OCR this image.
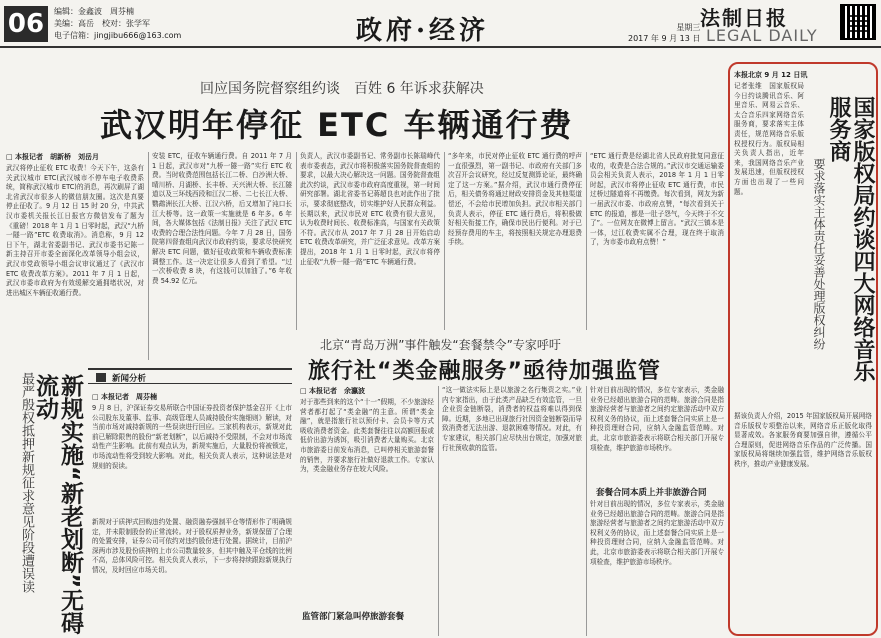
06	编辑：金鑫波　周芬楠
美编：高岳　校对：张学军
电子信箱：jingjibu666@163.com	政府·经济	星期三
2017 年 9 月 13 日
法制日报
LEGAL DAILY
回应国务院督察组约谈　百姓 6 年诉求获解决
武汉明年停征 ETC 车辆通行费
□ 本报记者　胡新桥　刘岳月
武汉将停止征收 ETC 收费！今天下午，这条有关武汉城市 ETC(武汉城市不停车电子收费系统，简称武汉城市 ETC)的消息，再次刷屏了湖北省武汉市很多人的微信朋友圈。这次是真要停止征收了。9 月 12 日 15 时 20 分，中共武汉市委机关报长江日报官方微信发布了题为《重磅！2018 年 1 月 1 日零时起，武汉“九桥一隧一路”ETC 收费取消》。消息称，9 月 12 日下午，湖北省委副书记、武汉市委书记陈一新主持召开市委全面深化改革领导小组会议，武汉市党政领导小组会议审议通过了《武汉市 ETC 收费改革方案》。2011 年 7 月 1 日起，武汉市委市政府为有效缓解交通拥堵状况，对进出城区车辆征收通行费。
安装 ETC，征收车辆通行费。自 2011 年 7 月 1 日起，武汉市对“九桥一隧一路”实行 ETC 收费。当时收费范围包括长江二桥、白沙洲大桥、晴川桥、月湖桥、长丰桥、天兴洲大桥、长江隧道以及三环线西段和江汉二桥、二七长江大桥、鹦鹉洲长江大桥、江汉六桥，后又增加了沌口长江大桥等。这一政策一实施就是 6 年多。6 年间，各大媒体包括《法制日报》关注了武汉 ETC 收费的合理合法性问题。今年 7 月 28 日，国务院第四督查组向武汉市政府约谈，要求尽快研究解决 ETC 问题，做好征收政策和车辆收费标准调整工作。这一决定让很多人看到了希望。“过一次桥收费 8 块，有这钱可以加油了。”6 年收费 54.92 亿元。
负责人，武汉市委副书记、常务副市长陈瑞峰代表市委表态，武汉市将积极落实国务院督查组的要求，以最大决心解决这一问题。国务院督查组此次约谈，武汉市委市政府高度重视，第一时间研究部署。湖北省委书记蒋超良也对此作出了批示，要求彻底整改，切实维护好人民群众利益。长期以来，武汉市民对 ETC 收费有很大意见，认为收费时间长、收费标准高，与国家有关政策不符。武汉市从 2017 年 7 月 28 日开始启动 ETC 收费改革研究，并广泛征求意见。改革方案提出，2018 年 1 月 1 日零时起，武汉市将停止征收“九桥一隧一路”ETC 车辆通行费。
“多年来，市民对停止征收 ETC 通行费的呼声一直很强烈，第一副书记、市政府有关部门多次召开会议研究，经过反复测算论证，最终确定了这一方案。”据介绍，武汉市通行费停征后，相关债务将通过财政安排资金及其他渠道偿还，不会给市民增加负担。武汉市相关部门负责人表示，停征 ETC 通行费后，将积极做好相关衔接工作，确保市民出行便利。对于已经预存费用的车主，将按照相关规定办理退费手续。
“ETC 通行费是经湖北省人民政府批复同意征收的，收费是合法合规的。”武汉市交通运输委员会相关负责人表示，2018 年 1 月 1 日零时起，武汉市将停止征收 ETC 通行费，市民过桥过隧道将不再缴费。每次看到，网友为新一届武汉市委、市政府点赞，“每次看到关于 ETC 的报道，都是一肚子怨气，今天终于不交了”。一位网友在微博上留言。“武汉三镇本是一体，过江收费实属不合理，现在终于取消了，为市委市政府点赞！”
北京“青岛万洲”事件触发“套餐禁令”专家呼吁
旅行社“类金融服务”亟待加强监管
□ 本报记者　余瀛波
对于那些到来的这个“十一”假期，不少旅游经营者都打起了“类金融”的主意。所谓“类金融”，就是指旅行社以预付卡、会员卡等方式吸收消费者资金。此类套餐往往以高额回报或低价出游为诱饵，吸引消费者大量购买。北京市旅游委日前发布消息，已叫停相关旅游套餐的销售，并要求旅行社做好退款工作。专家认为，类金融业务存在较大风险。
监管部门紧急叫停旅游套餐
“这一做法实际上是以旅游之名行集资之实。”业内专家指出，由于此类产品缺乏有效监管，一旦企业资金链断裂，消费者的权益将难以得到保障。近期，多地已出现旅行社因资金链断裂而导致消费者无法出游、退款困难等情况。对此，有专家建议，相关部门应尽快出台规定，加强对旅行社预收款的监管。
针对目前出现的情况，多位专家表示，类金融业务已经超出旅游合同的范畴。旅游合同是指旅游经营者与旅游者之间约定旅游活动中双方权利义务的协议，而上述套餐合同实质上是一种投资理财合同，应纳入金融监管范畴。对此，北京市旅游委表示将联合相关部门开展专项检查，维护旅游市场秩序。
套餐合同本质上并非旅游合同
针对目前出现的情况，多位专家表示，类金融业务已经超出旅游合同的范畴。旅游合同是指旅游经营者与旅游者之间约定旅游活动中双方权利义务的协议，而上述套餐合同实质上是一种投资理财合同，应纳入金融监管范畴。对此，北京市旅游委表示将联合相关部门开展专项检查，维护旅游市场秩序。
新闻分析
最严殷权抵押新规征求意见阶段遭误读	新规实施“新老划断”无碍流动	□ 本报记者　周芬楠
9 月 8 日，沪深证券交易所联合中国证券投资者保护基金召开《上市公司股东及董事、监事、高级管理人员减持股份实施细则》解读，对当前市场对减持新规的一些误读进行回应。三家机构表示，新规对此前已解除限售的股份“新老划断”，以后减持不受限制，不会对市场流动性产生影响。此前有观点认为，新规实施后，大量股份将被锁定，市场流动性将受到较大影响。对此，相关负责人表示，这种说法是对规则的误读。
新规对于质押式回购违约处置、融资融券强制平仓等情形作了明确规定，并未限制股份的正常流转。对于股权质押业务，新规保留了合理的处置安排，证券公司可依约对违约股份进行处置。据统计，目前沪深两市涉及股份质押的上市公司数量较多，但其中触及平仓线的比例不高，总体风险可控。相关负责人表示，下一步将持续跟踪新规执行情况，及时回应市场关切。
本报北京 9 月 12 日讯
记者张维　国家版权局今日约谈腾讯音乐、阿里音乐、网易云音乐、太合音乐四家网络音乐服务商，要求落实主体责任，规范网络音乐版权授权行为。版权局相关负责人指出，近年来，我国网络音乐产业发展迅速，但版权授权方面也出现了一些问题。	国家版权局约谈四大网络音乐服务商
要求落实主体责任妥善处理版权纠纷
据该负责人介绍，2015 年国家版权局开展网络音乐版权专项整治以来，网络音乐正版化取得显著成效。各家服务商要加强自律，遵循公平合理原则，促进网络音乐作品的广泛传播。国家版权局将继续加强监管，维护网络音乐版权秩序，推动产业健康发展。
